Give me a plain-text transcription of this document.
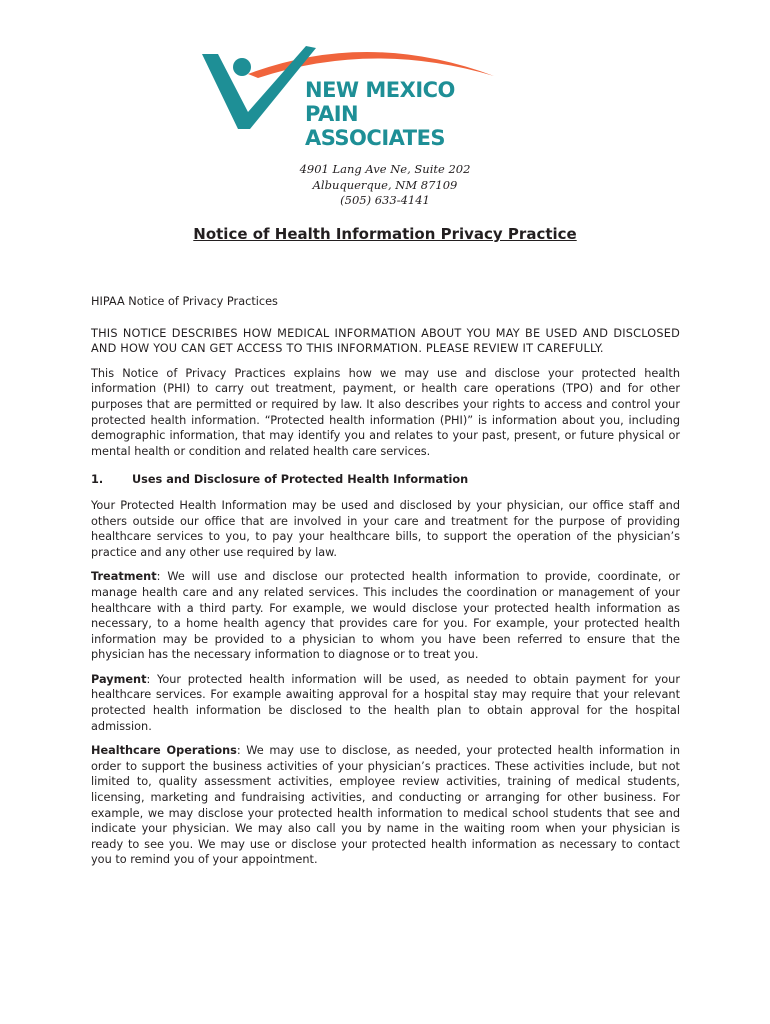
NEW MEXICO
PAIN ASSOCIATES
4901 Lang Ave Ne, Suite 202
Albuquerque, NM 87109
(505) 633-4141
Notice of Health Information Privacy Practice
HIPAA Notice of Privacy Practices
THIS NOTICE DESCRIBES HOW MEDICAL INFORMATION ABOUT YOU MAY BE USED AND DISCLOSED AND HOW YOU CAN GET ACCESS TO THIS INFORMATION. PLEASE REVIEW IT CAREFULLY.

This Notice of Privacy Practices explains how we may use and disclose your protected health information (PHI) to carry out treatment, payment, or health care operations (TPO) and for other purposes that are permitted or required by law. It also describes your rights to access and control your protected health information. “Protected health information (PHI)” is information about you, including demographic information, that may identify you and relates to your past, present, or future physical or mental health or condition and related health care services.

1.	Uses and Disclosure of Protected Health Information

Your Protected Health Information may be used and disclosed by your physician, our office staff and others outside our office that are involved in your care and treatment for the purpose of providing healthcare services to you, to pay your healthcare bills, to support the operation of the physician’s practice and any other use required by law.

Treatment: We will use and disclose our protected health information to provide, coordinate, or manage health care and any related services. This includes the coordination or management of your healthcare with a third party. For example, we would disclose your protected health information as necessary, to a home health agency that provides care for you. For example, your protected health information may be provided to a physician to whom you have been referred to ensure that the physician has the necessary information to diagnose or to treat you.

Payment: Your protected health information will be used, as needed to obtain payment for your healthcare services. For example awaiting approval for a hospital stay may require that your relevant protected health information be disclosed to the health plan to obtain approval for the hospital admission.

Healthcare Operations: We may use to disclose, as needed, your protected health information in order to support the business activities of your physician’s practices. These activities include, but not limited to, quality assessment activities, employee review activities, training of medical students, licensing, marketing and fundraising activities, and conducting or arranging for other business. For example, we may disclose your protected health information to medical school students that see and indicate your physician. We may also call you by name in the waiting room when your physician is ready to see you. We may use or disclose your protected health information as necessary to contact you to remind you of your appointment.
